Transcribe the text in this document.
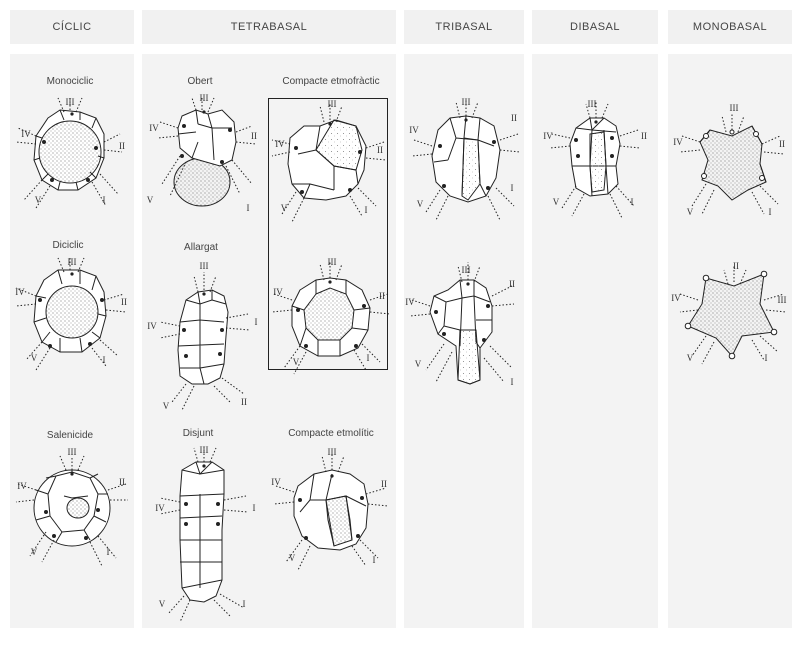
CÍCLIC	TETRABASAL	TRIBASAL	DIBASAL	MONOBASAL
Monociclic
Diciclic
Salenicide
Obert	Compacte etmofràctic
Allargat
Disjunt	Compacte etmolític
III
IV
II
V	I
III
IV
II
V	I
III
IV	II
V	I
III
IV
II
V
I
III
IV
II
V	I
III
IV	II
V	I
III
IV	I
V	II
III
IV	I
V	I
III
IV	II
V	I
III
IV
II
V
I
III
IV
II
V
I
III
IV	II
V	I
III
IV	II
V	I
II
IV	III
V	I
